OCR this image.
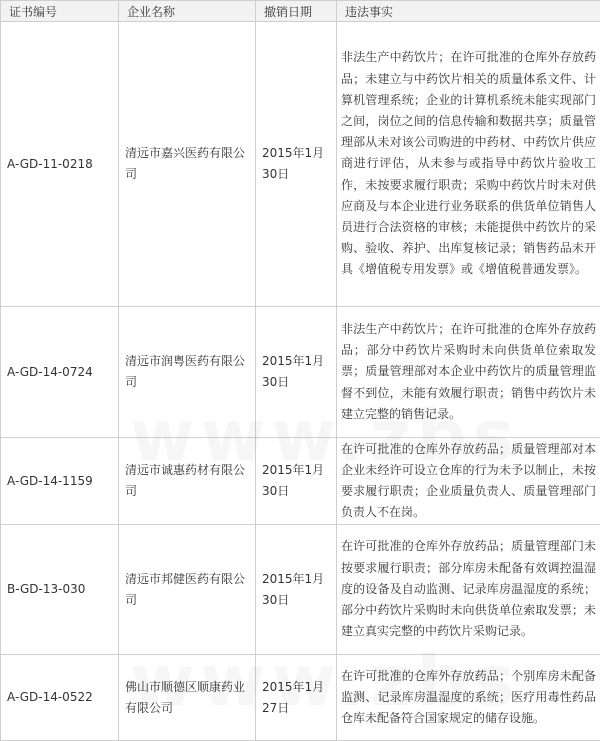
证书编号	企业名称	撤销日期	违法事实
A-GD-11-0218	清远市嘉兴医药有限公司	2015年1月30日	非法生产中药饮片；在许可批准的仓库外存放药品；未建立与中药饮片相关的质量体系文件、计算机管理系统；企业的计算机系统未能实现部门之间，岗位之间的信息传输和数据共享；质量管理部从未对该公司购进的中药材、中药饮片供应商进行评估，从未参与或指导中药饮片验收工作，未按要求履行职责；采购中药饮片时未对供应商及与本企业进行业务联系的供货单位销售人员进行合法资格的审核；未能提供中药饮片的采购、验收、养护、出库复核记录；销售药品未开具《增值税专用发票》或《增值税普通发票》。
A-GD-14-0724	清远市润粤医药有限公司	2015年1月30日	非法生产中药饮片；在许可批准的仓库外存放药品；部分中药饮片采购时未向供货单位索取发票；质量管理部对本企业中药饮片的质量管理监督不到位，未能有效履行职责；销售中药饮片未建立完整的销售记录。
A-GD-14-1159	清远市诚惠药材有限公司	2015年1月30日	在许可批准的仓库外存放药品；质量管理部对本企业未经许可设立仓库的行为未予以制止，未按要求履行职责；企业质量负责人、质量管理部门负责人不在岗。
B-GD-13-030	清远市邦健医药有限公司	2015年1月30日	在许可批准的仓库外存放药品；质量管理部门未按要求履行职责；部分库房未配备有效调控温湿度的设备及自动监测、记录库房温湿度的系统；部分中药饮片采购时未向供货单位索取发票；未建立真实完整的中药饮片采购记录。
A-GD-14-0522	佛山市顺德区顺康药业有限公司	2015年1月27日	在许可批准的仓库外存放药品；个别库房未配备监测、记录库房温湿度的系统；医疗用毒性药品仓库未配备符合国家规定的储存设施。
